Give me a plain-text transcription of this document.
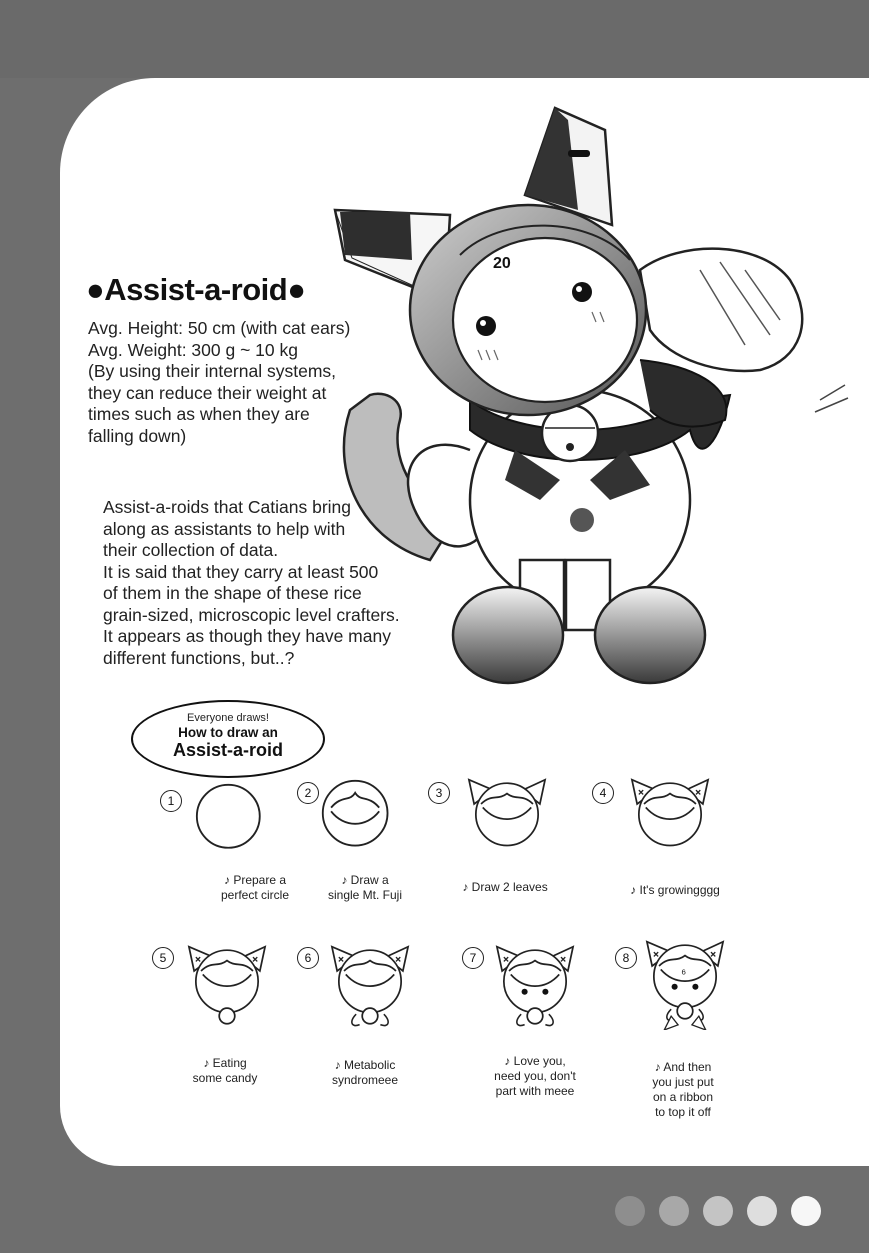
20
●Assist-a-roid●
Avg. Height: 50 cm (with cat ears)
Avg. Weight: 300 g ~ 10 kg
(By using their internal systems,
they can reduce their weight at
times such as when they are
falling down)
Assist-a-roids that Catians bring
along as assistants to help with
their collection of data.
It is said that they carry at least 500
of them in the shape of these rice
grain-sized, microscopic level crafters.
It appears as though they have many
different functions, but..?
Everyone draws!
How to draw an
Assist-a-roid
1
♪ Prepare a
perfect circle
2
♪ Draw a
single Mt. Fuji
3
♪ Draw 2 leaves
4
♪ It's growingggg
5
♪ Eating
some candy
6
♪ Metabolic
syndromeee
7
♪ Love you,
need you, don't
part with meee
8
6
♪ And then
you just put
on a ribbon
to top it off
